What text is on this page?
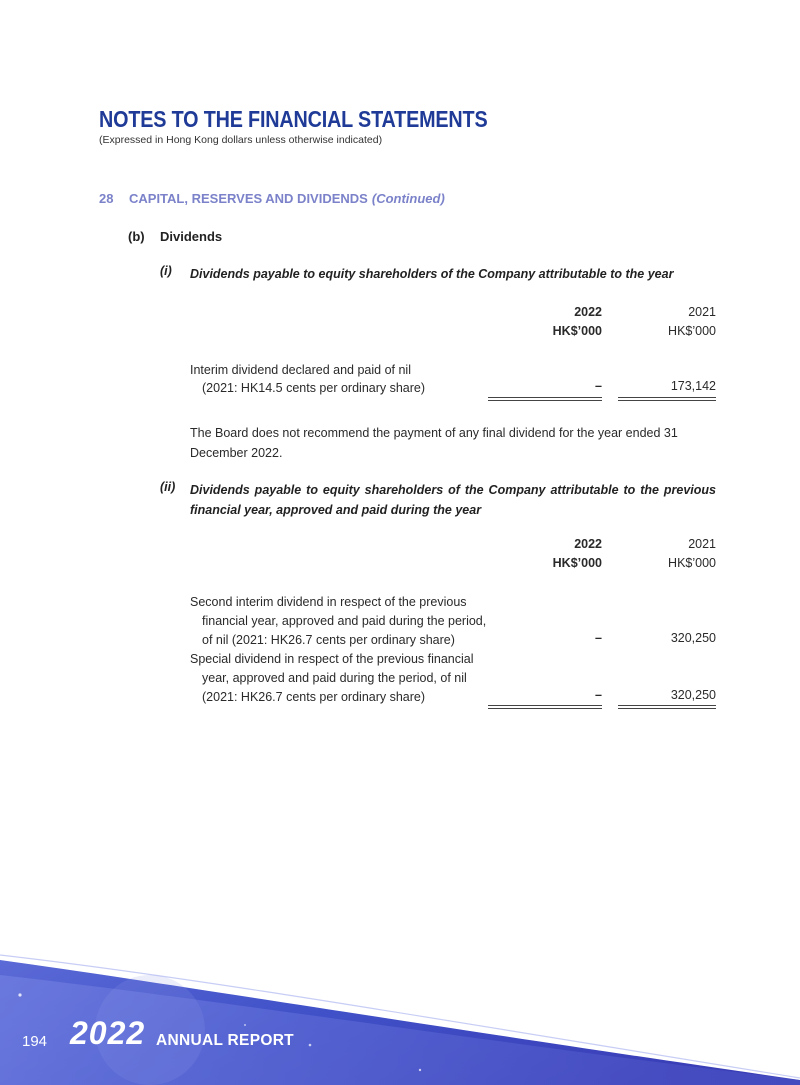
NOTES TO THE FINANCIAL STATEMENTS
(Expressed in Hong Kong dollars unless otherwise indicated)
28 CAPITAL, RESERVES AND DIVIDENDS (Continued)
(b) Dividends
(i) Dividends payable to equity shareholders of the Company attributable to the year
2022	2021
HK$’000	HK$’000
Interim dividend declared and paid of nil
(2021: HK14.5 cents per ordinary share)	–	173,142
The Board does not recommend the payment of any final dividend for the year ended 31 December 2022.
(ii) Dividends payable to equity shareholders of the Company attributable to the previous financial year, approved and paid during the year
2022	2021
HK$’000	HK$’000
Second interim dividend in respect of the previous
financial year, approved and paid during the period,
of nil (2021: HK26.7 cents per ordinary share)	–	320,250
Special dividend in respect of the previous financial
year, approved and paid during the period, of nil
(2021: HK26.7 cents per ordinary share)	–	320,250
194 2022 ANNUAL REPORT
